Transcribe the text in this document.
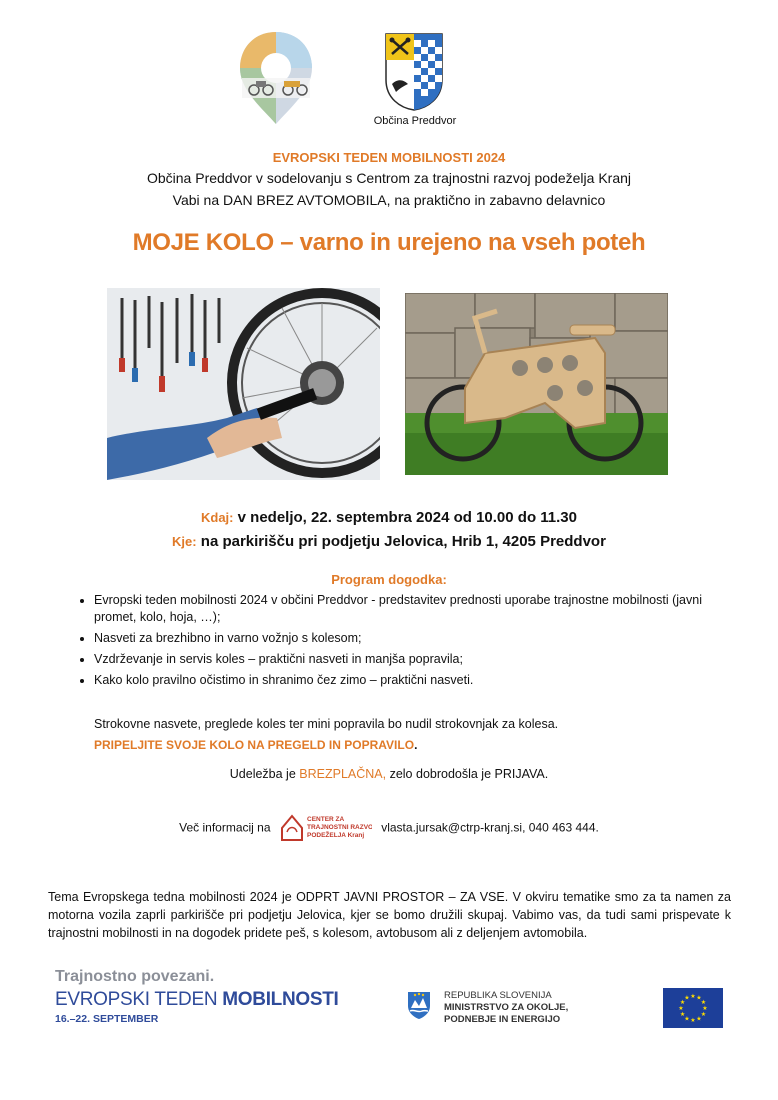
Občina Preddvor
EVROPSKI TEDEN MOBILNOSTI 2024
Občina Preddvor v sodelovanju s Centrom za trajnostni razvoj podeželja Kranj
Vabi na DAN BREZ AVTOMOBILA, na praktično in zabavno delavnico
MOJE KOLO – varno in urejeno na vseh poteh
Kdaj: v nedeljo, 22. septembra 2024 od 10.00 do 11.30
Kje: na parkirišču pri podjetju Jelovica, Hrib 1, 4205 Preddvor
Program dogodka:
• Evropski teden mobilnosti 2024 v občini Preddvor - predstavitev prednosti uporabe trajnostne mobilnosti (javni promet, kolo, hoja, …);
• Nasveti za brezhibno in varno vožnjo s kolesom;
• Vzdrževanje in servis koles – praktični nasveti in manjša popravila;
• Kako kolo pravilno očistimo in shranimo čez zimo – praktični nasveti.
Strokovne nasvete, preglede koles ter mini popravila bo nudil strokovnjak za kolesa.
PRIPELJITE SVOJE KOLO NA PREGELD IN POPRAVILO.
Udeležba je BREZPLAČNA, zelo dobrodošla je PRIJAVA.
Več informacij na
CENTER ZA
TRAJNOSTNI RAZVOJ
PODEŽELJA Kranj
vlasta.jursak@ctrp-kranj.si, 040 463 444.
Tema Evropskega tedna mobilnosti 2024 je ODPRT JAVNI PROSTOR – ZA VSE. V okviru tematike smo za ta namen za motorna vozila zaprli parkirišče pri podjetju Jelovica, kjer se bomo družili skupaj. Vabimo vas, da tudi sami prispevate k trajnostni mobilnosti in na dogodek pridete peš, s kolesom, avtobusom ali z deljenjem avtomobila.
Trajnostno povezani.
EVROPSKI TEDEN MOBILNOSTI
16.–22. SEPTEMBER
REPUBLIKA SLOVENIJA
MINISTRSTVO ZA OKOLJE,
PODNEBJE IN ENERGIJO
★ ★
★
★
★
★
★
★
★
★
★
★
